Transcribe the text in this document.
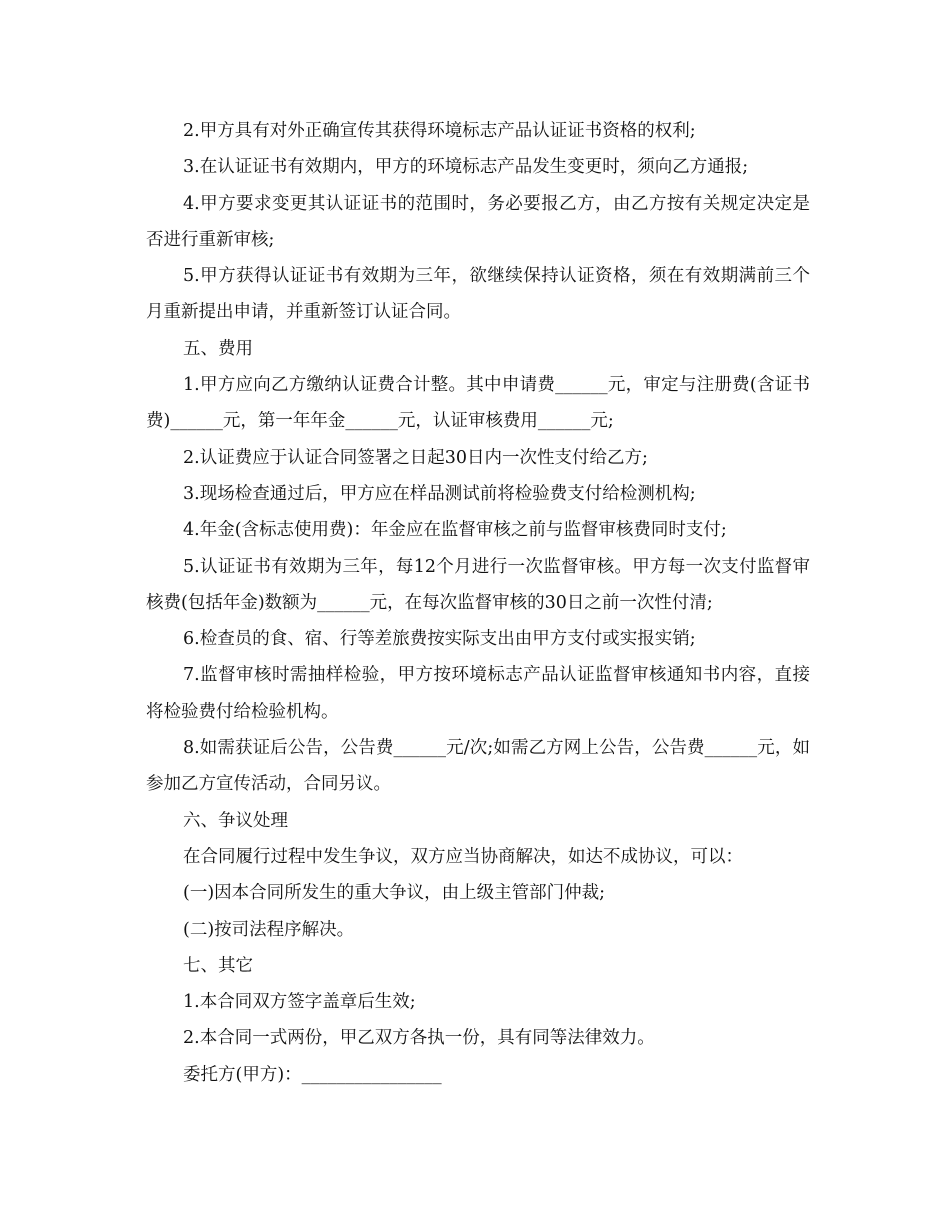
2.甲方具有对外正确宣传其获得环境标志产品认证证书资格的权利;

3.在认证证书有效期内，甲方的环境标志产品发生变更时，须向乙方通报;

4.甲方要求变更其认证证书的范围时，务必要报乙方，由乙方按有关规定决定是否进行重新审核;

5.甲方获得认证证书有效期为三年，欲继续保持认证资格，须在有效期满前三个月重新提出申请，并重新签订认证合同。

五、费用

1.甲方应向乙方缴纳认证费合计整。其中申请费______元，审定与注册费(含证书费)______元，第一年年金______元，认证审核费用______元;

2.认证费应于认证合同签署之日起30日内一次性支付给乙方;

3.现场检查通过后，甲方应在样品测试前将检验费支付给检测机构;

4.年金(含标志使用费)：年金应在监督审核之前与监督审核费同时支付;

5.认证证书有效期为三年，每12个月进行一次监督审核。甲方每一次支付监督审核费(包括年金)数额为______元，在每次监督审核的30日之前一次性付清;

6.检查员的食、宿、行等差旅费按实际支出由甲方支付或实报实销;

7.监督审核时需抽样检验，甲方按环境标志产品认证监督审核通知书内容，直接将检验费付给检验机构。

8.如需获证后公告，公告费______元/次;如需乙方网上公告，公告费______元，如参加乙方宣传活动，合同另议。

六、争议处理

在合同履行过程中发生争议，双方应当协商解决，如达不成协议，可以：

(一)因本合同所发生的重大争议，由上级主管部门仲裁;

(二)按司法程序解决。

七、其它

1.本合同双方签字盖章后生效;

2.本合同一式两份，甲乙双方各执一份，具有同等法律效力。

委托方(甲方)：________________
